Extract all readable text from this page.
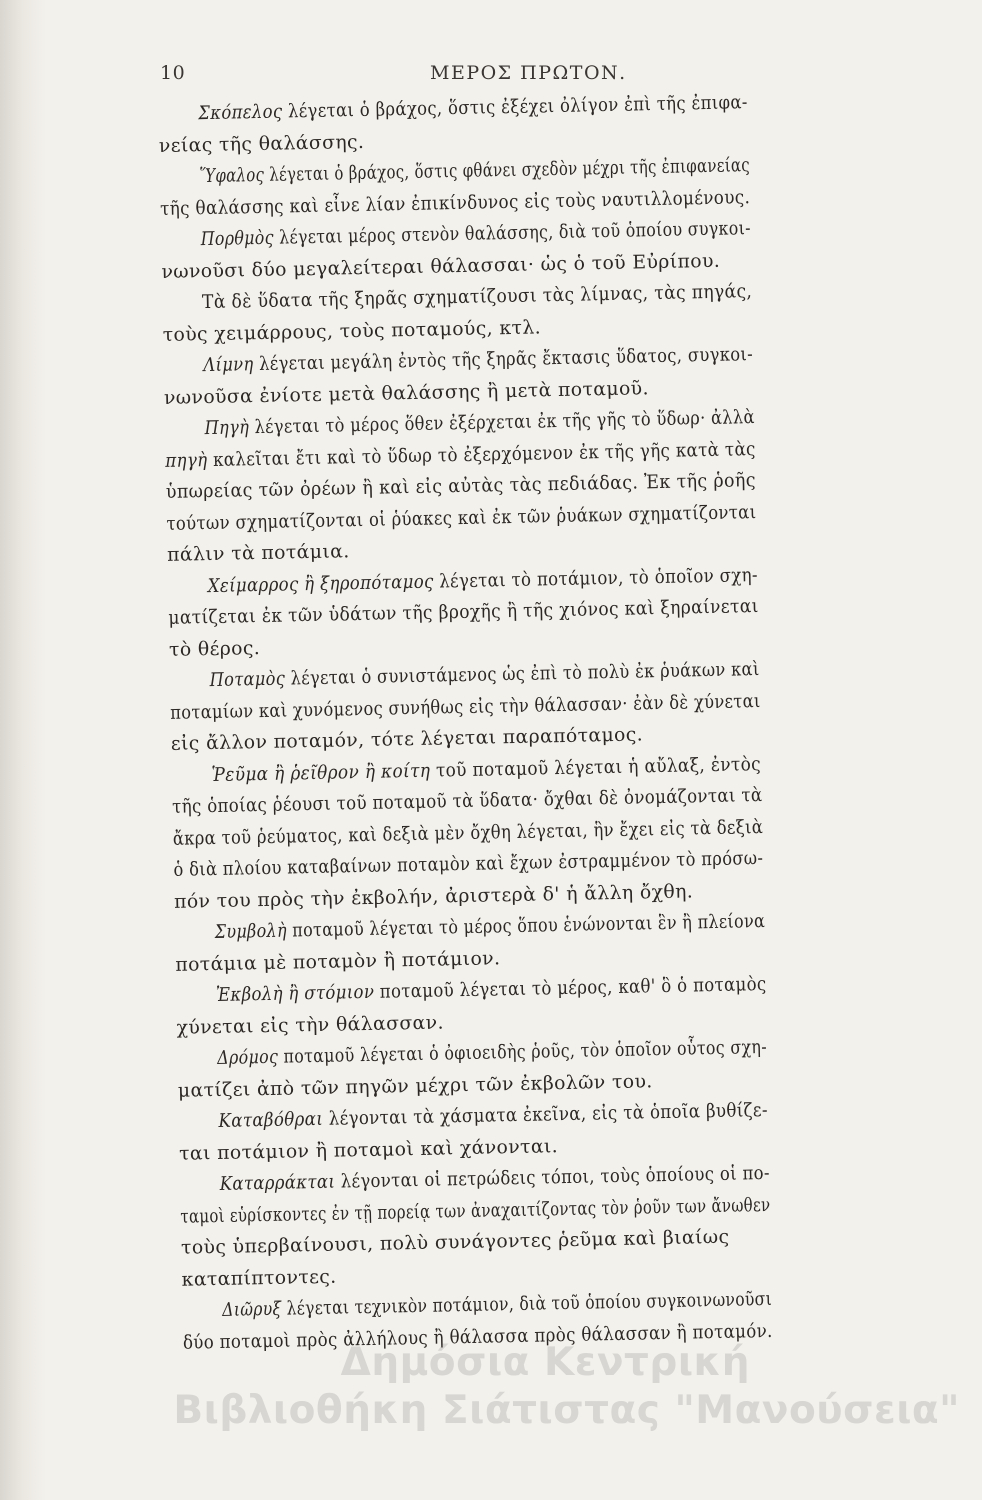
10	ΜΕΡΟΣ ΠΡΩΤΟΝ.
Σκόπελος λέγεται ὁ βράχος, ὅστις ἐξέχει ὀλίγον ἐπὶ τῆς ἐπιφα-
νείας τῆς θαλάσσης.
Ὕφαλος λέγεται ὁ βράχος, ὅστις φθάνει σχεδὸν μέχρι τῆς ἐπιφανείας
τῆς θαλάσσης καὶ εἶνε λίαν ἐπικίνδυνος εἰς τοὺς ναυτιλλομένους.
Πορθμὸς λέγεται μέρος στενὸν θαλάσσης, διὰ τοῦ ὁποίου συγκοι-
νωνοῦσι δύο μεγαλείτεραι θάλασσαι· ὡς ὁ τοῦ Εὐρίπου.
Τὰ δὲ ὕδατα τῆς ξηρᾶς σχηματίζουσι τὰς λίμνας, τὰς πηγάς,
τοὺς χειμάρρους, τοὺς ποταμούς, κτλ.
Λίμνη λέγεται μεγάλη ἐντὸς τῆς ξηρᾶς ἔκτασις ὕδατος, συγκοι-
νωνοῦσα ἐνίοτε μετὰ θαλάσσης ἢ μετὰ ποταμοῦ.
Πηγὴ λέγεται τὸ μέρος ὅθεν ἐξέρχεται ἐκ τῆς γῆς τὸ ὕδωρ· ἀλλὰ
πηγὴ καλεῖται ἔτι καὶ τὸ ὕδωρ τὸ ἐξερχόμενον ἐκ τῆς γῆς κατὰ τὰς
ὑπωρείας τῶν ὀρέων ἢ καὶ εἰς αὐτὰς τὰς πεδιάδας. Ἐκ τῆς ῥοῆς
τούτων σχηματίζονται οἱ ῥύακες καὶ ἐκ τῶν ῥυάκων σχηματίζονται
πάλιν τὰ ποτάμια.
Χείμαρρος ἢ ξηροπόταμος λέγεται τὸ ποτάμιον, τὸ ὁποῖον σχη-
ματίζεται ἐκ τῶν ὑδάτων τῆς βροχῆς ἢ τῆς χιόνος καὶ ξηραίνεται
τὸ θέρος.
Ποταμὸς λέγεται ὁ συνιστάμενος ὡς ἐπὶ τὸ πολὺ ἐκ ῥυάκων καὶ
ποταμίων καὶ χυνόμενος συνήθως εἰς τὴν θάλασσαν· ἐὰν δὲ χύνεται
εἰς ἄλλον ποταμόν, τότε λέγεται παραπόταμος.
Ῥεῦμα ἢ ῥεῖθρον ἢ κοίτη τοῦ ποταμοῦ λέγεται ἡ αὔλαξ, ἐντὸς
τῆς ὁποίας ῥέουσι τοῦ ποταμοῦ τὰ ὕδατα· ὄχθαι δὲ ὀνομάζονται τὰ
ἄκρα τοῦ ῥεύματος, καὶ δεξιὰ μὲν ὄχθη λέγεται, ἣν ἔχει εἰς τὰ δεξιὰ
ὁ διὰ πλοίου καταβαίνων ποταμὸν καὶ ἔχων ἐστραμμένον τὸ πρόσω-
πόν του πρὸς τὴν ἐκβολήν, ἀριστερὰ δ' ἡ ἄλλη ὄχθη.
Συμβολὴ ποταμοῦ λέγεται τὸ μέρος ὅπου ἑνώνονται ἓν ἢ πλείονα
ποτάμια μὲ ποταμὸν ἢ ποτάμιον.
Ἐκβολὴ ἢ στόμιον ποταμοῦ λέγεται τὸ μέρος, καθ' ὃ ὁ ποταμὸς
χύνεται εἰς τὴν θάλασσαν.
Δρόμος ποταμοῦ λέγεται ὁ ὀφιοειδὴς ῥοῦς, τὸν ὁποῖον οὗτος σχη-
ματίζει ἀπὸ τῶν πηγῶν μέχρι τῶν ἐκβολῶν του.
Καταβόθραι λέγονται τὰ χάσματα ἐκεῖνα, εἰς τὰ ὁποῖα βυθίζε-
ται ποτάμιον ἢ ποταμοὶ καὶ χάνονται.
Καταρράκται λέγονται οἱ πετρώδεις τόποι, τοὺς ὁποίους οἱ πο-
ταμοὶ εὑρίσκοντες ἐν τῇ πορείᾳ των ἀναχαιτίζοντας τὸν ῥοῦν των ἄνωθεν
τοὺς ὑπερβαίνουσι, πολὺ συνάγοντες ῥεῦμα καὶ βιαίως
καταπίπτοντες.
Διῶρυξ λέγεται τεχνικὸν ποτάμιον, διὰ τοῦ ὁποίου συγκοινωνοῦσι
δύο ποταμοὶ πρὸς ἀλλήλους ἢ θάλασσα πρὸς θάλασσαν ἢ ποταμόν.
Δημόσια Κεντρική
Βιβλιοθήκη Σιάτιστας "Μανούσεια"
